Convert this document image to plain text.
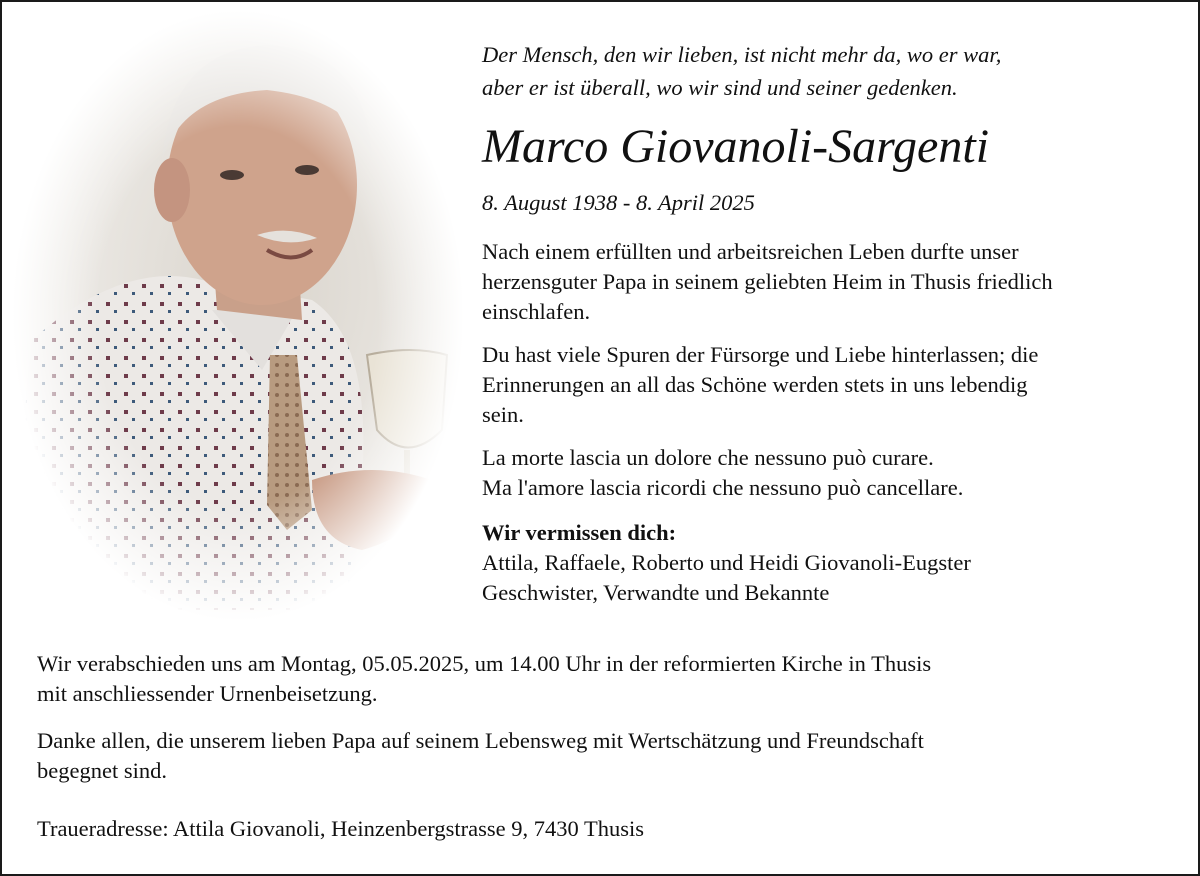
Der Mensch, den wir lieben, ist nicht mehr da, wo er war,
aber er ist überall, wo wir sind und seiner gedenken.
Marco Giovanoli-Sargenti
8. August 1938 - 8. April 2025
Nach einem erfüllten und arbeitsreichen Leben durfte unser
herzensguter Papa in seinem geliebten Heim in Thusis friedlich
einschlafen.
Du hast viele Spuren der Fürsorge und Liebe hinterlassen; die
Erinnerungen an all das Schöne werden stets in uns lebendig
sein.
La morte lascia un dolore che nessuno può curare.
Ma l'amore lascia ricordi che nessuno può cancellare.
Wir vermissen dich:
Attila, Raffaele, Roberto und Heidi Giovanoli-Eugster
Geschwister, Verwandte und Bekannte
Wir verabschieden uns am Montag, 05.05.2025, um 14.00 Uhr in der reformierten Kirche in Thusis
mit anschliessender Urnenbeisetzung.
Danke allen, die unserem lieben Papa auf seinem Lebensweg mit Wertschätzung und Freundschaft
begegnet sind.
Traueradresse: Attila Giovanoli, Heinzenbergstrasse 9, 7430 Thusis
